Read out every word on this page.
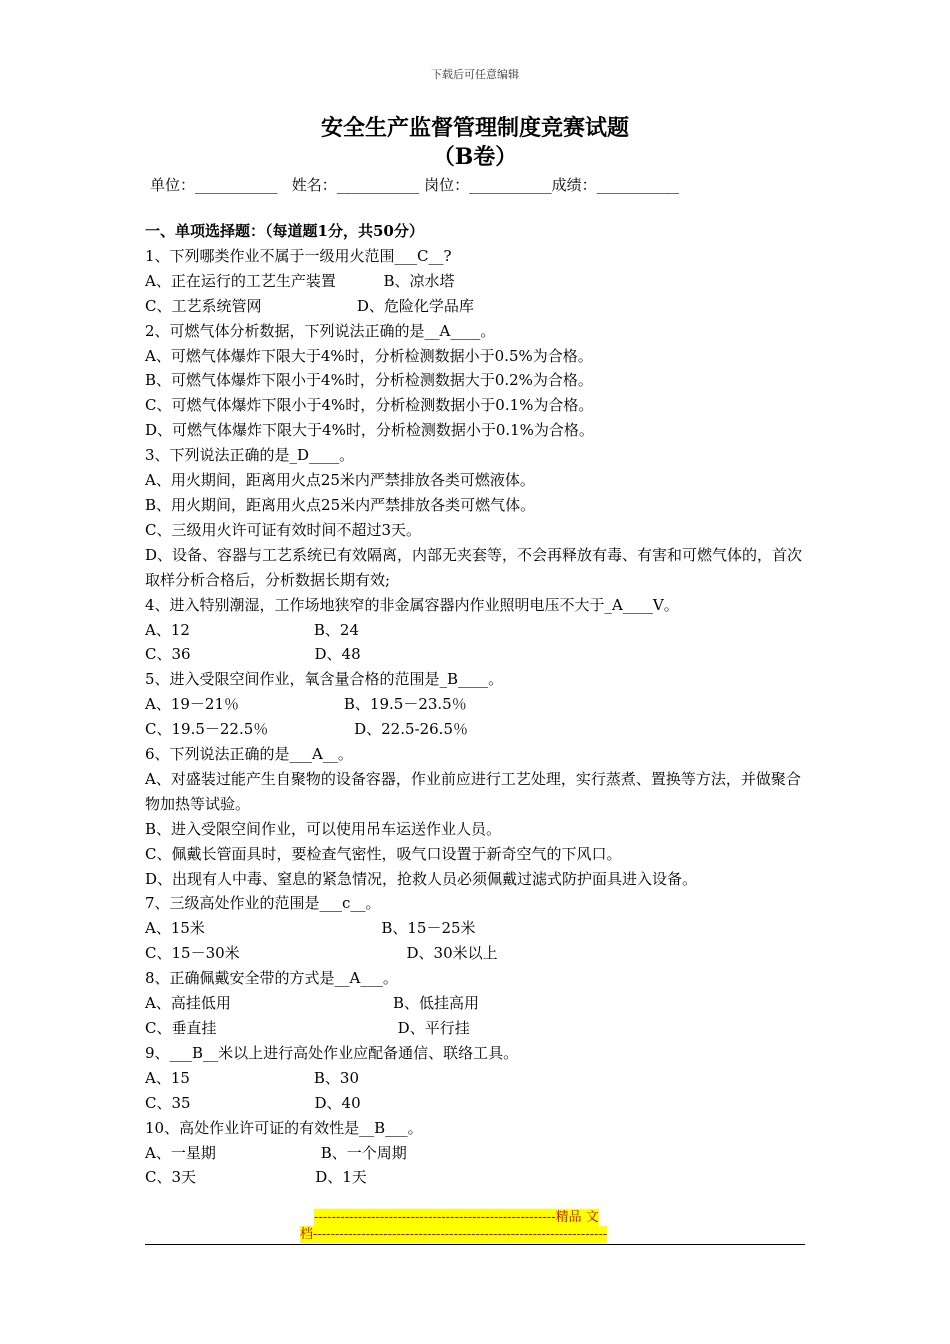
下载后可任意编辑
安全生产监督管理制度竞赛试题
（B卷）
单位：___________   姓名：___________ 岗位：___________成绩：___________
一、单项选择题：（每道题1分，共50分）
1、下列哪类作业不属于一级用火范围___C__?
A、正在运行的工艺生产装置          B、凉水塔
C、工艺系统管网                    D、危险化学品库
2、可燃气体分析数据，下列说法正确的是__A____。
A、可燃气体爆炸下限大于4%时，分析检测数据小于0.5%为合格。
B、可燃气体爆炸下限小于4%时，分析检测数据大于0.2%为合格。
C、可燃气体爆炸下限小于4%时，分析检测数据小于0.1%为合格。
D、可燃气体爆炸下限大于4%时，分析检测数据小于0.1%为合格。
3、下列说法正确的是_D____。
A、用火期间，距离用火点25米内严禁排放各类可燃液体。
B、用火期间，距离用火点25米内严禁排放各类可燃气体。
C、三级用火许可证有效时间不超过3天。
D、设备、容器与工艺系统已有效隔离，内部无夹套等，不会再释放有毒、有害和可燃气体的，首次取样分析合格后，分析数据长期有效;
4、进入特别潮湿，工作场地狭窄的非金属容器内作业照明电压不大于_A____V。
A、12                          B、24
C、36                          D、48
5、进入受限空间作业，氧含量合格的范围是_B____。
A、19－21％                      B、19.5－23.5％
C、19.5－22.5％                  D、22.5-26.5％
6、下列说法正确的是___A__。
A、对盛装过能产生自聚物的设备容器，作业前应进行工艺处理，实行蒸煮、置换等方法，并做聚合物加热等试验。
B、进入受限空间作业，可以使用吊车运送作业人员。
C、佩戴长管面具时，要检查气密性，吸气口设置于新奇空气的下风口。
D、出现有人中毒、窒息的紧急情况，抢救人员必须佩戴过滤式防护面具进入设备。
7、三级高处作业的范围是___c__。
A、15米                                     B、15－25米
C、15－30米                                   D、30米以上
8、正确佩戴安全带的方式是__A___。
A、高挂低用                                  B、低挂高用
C、垂直挂                                      D、平行挂
9、___B__米以上进行高处作业应配备通信、联络工具。
A、15                          B、30
C、35                          D、40
10、高处作业许可证的有效性是__B___。
A、一星期                      B、一个周期
C、3天                         D、1天
-------------------------------------------------------精品 文
档-------------------------------------------------------------------
